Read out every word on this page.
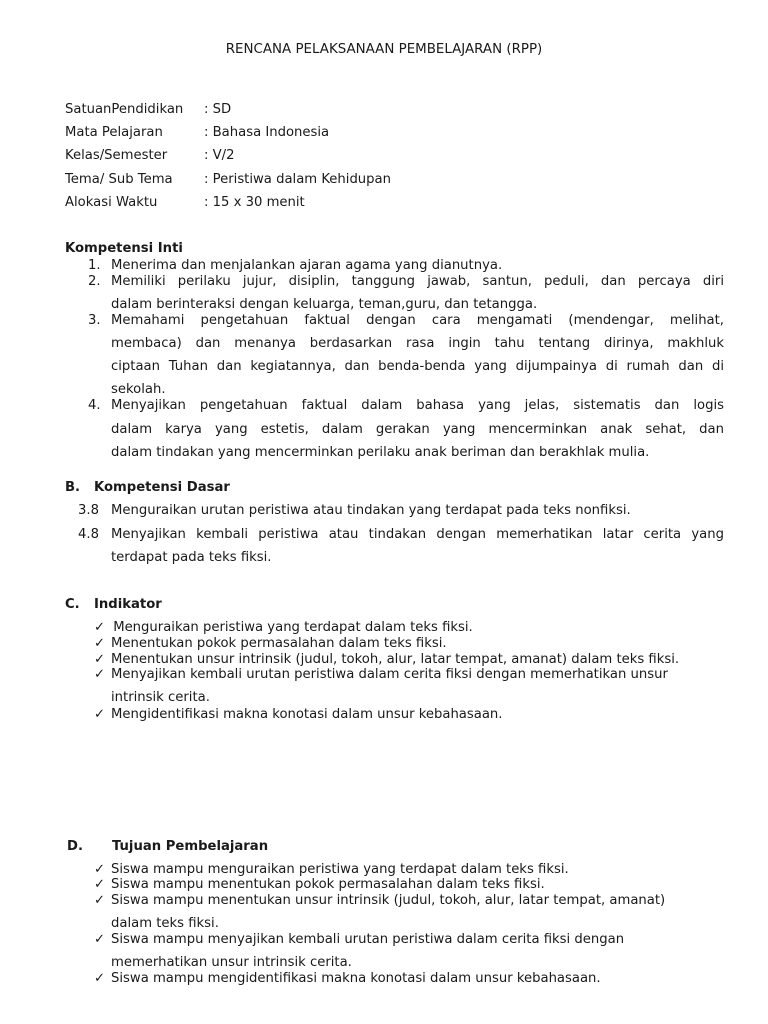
RENCANA PELAKSANAAN PEMBELAJARAN (RPP)
SatuanPendidikan : SD
Mata Pelajaran	: Bahasa Indonesia
Kelas/Semester	: V/2
Tema/ Sub Tema : Peristiwa dalam Kehidupan
Alokasi Waktu	: 15 x 30 menit
Kompetensi Inti
1. Menerima dan menjalankan ajaran agama yang dianutnya.
2. Memiliki perilaku jujur, disiplin, tanggung jawab, santun, peduli, dan percaya diri
dalam berinteraksi dengan keluarga, teman,guru, dan tetangga.
3. Memahami pengetahuan faktual dengan cara mengamati (mendengar, melihat,
membaca) dan menanya berdasarkan rasa ingin tahu tentang dirinya, makhluk
ciptaan Tuhan dan kegiatannya, dan benda-benda yang dijumpainya di rumah dan di
sekolah.
4. Menyajikan pengetahuan faktual dalam bahasa yang jelas, sistematis dan logis
dalam karya yang estetis, dalam gerakan yang mencerminkan anak sehat, dan
dalam tindakan yang mencerminkan perilaku anak beriman dan berakhlak mulia.
B. Kompetensi Dasar
3.8 Menguraikan urutan peristiwa atau tindakan yang terdapat pada teks nonfiksi.
4.8 Menyajikan kembali peristiwa atau tindakan dengan memerhatikan latar cerita yang
terdapat pada teks fiksi.
C. Indikator
✓ Menguraikan peristiwa yang terdapat dalam teks fiksi.
✓ Menentukan pokok permasalahan dalam teks fiksi.
✓ Menentukan unsur intrinsik (judul, tokoh, alur, latar tempat, amanat) dalam teks fiksi.
✓ Menyajikan kembali urutan peristiwa dalam cerita fiksi dengan memerhatikan unsur
intrinsik cerita.
✓ Mengidentifikasi makna konotasi dalam unsur kebahasaan.
D. Tujuan Pembelajaran
✓ Siswa mampu menguraikan peristiwa yang terdapat dalam teks fiksi.
✓ Siswa mampu menentukan pokok permasalahan dalam teks fiksi.
✓ Siswa mampu menentukan unsur intrinsik (judul, tokoh, alur, latar tempat, amanat)
dalam teks fiksi.
✓ Siswa mampu menyajikan kembali urutan peristiwa dalam cerita fiksi dengan
memerhatikan unsur intrinsik cerita.
✓ Siswa mampu mengidentifikasi makna konotasi dalam unsur kebahasaan.
